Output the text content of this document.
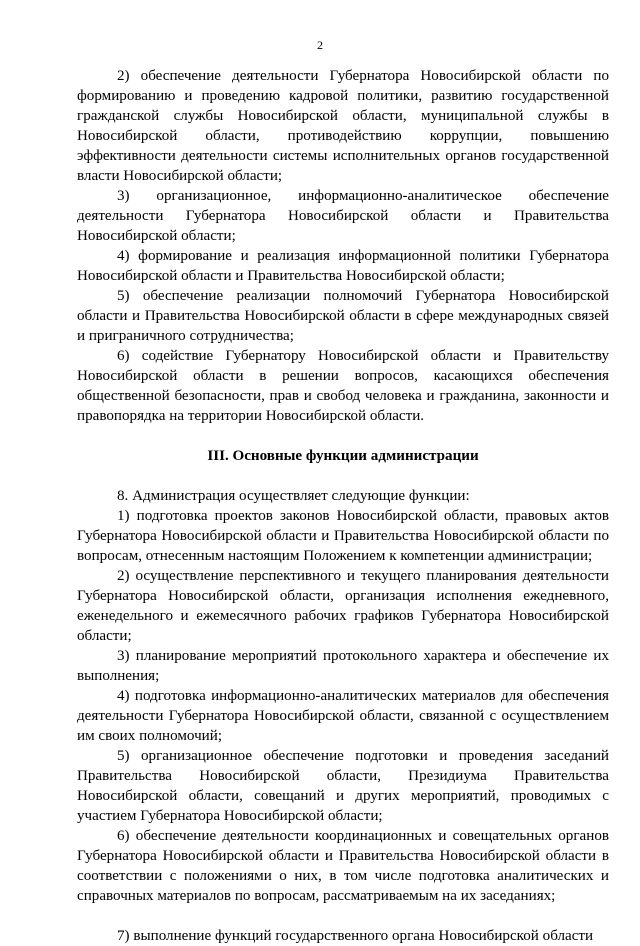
2

2) обеспечение деятельности Губернатора Новосибирской области по формированию и проведению кадровой политики, развитию государственной гражданской службы Новосибирской области, муниципальной службы в Новосибирской области, противодействию коррупции, повышению эффективности деятельности системы исполнительных органов государственной власти Новосибирской области;

3) организационное, информационно-аналитическое обеспечение деятельности Губернатора Новосибирской области и Правительства Новосибирской области;

4) формирование и реализация информационной политики Губернатора Новосибирской области и Правительства Новосибирской области;

5) обеспечение реализации полномочий Губернатора Новосибирской области и Правительства Новосибирской области в сфере международных связей и приграничного сотрудничества;

6) содействие Губернатору Новосибирской области и Правительству Новосибирской области в решении вопросов, касающихся обеспечения общественной безопасности, прав и свобод человека и гражданина, законности и правопорядка на территории Новосибирской области.

III. Основные функции администрации

8. Администрация осуществляет следующие функции:

1) подготовка проектов законов Новосибирской области, правовых актов Губернатора Новосибирской области и Правительства Новосибирской области по вопросам, отнесенным настоящим Положением к компетенции администрации;

2) осуществление перспективного и текущего планирования деятельности Губернатора Новосибирской области, организация исполнения ежедневного, еженедельного и ежемесячного рабочих графиков Губернатора Новосибирской области;

3) планирование мероприятий протокольного характера и обеспечение их выполнения;

4) подготовка информационно-аналитических материалов для обеспечения деятельности Губернатора Новосибирской области, связанной с осуществлением им своих полномочий;

5) организационное обеспечение подготовки и проведения заседаний Правительства Новосибирской области, Президиума Правительства Новосибирской области, совещаний и других мероприятий, проводимых с участием Губернатора Новосибирской области;

6) обеспечение деятельности координационных и совещательных органов Губернатора Новосибирской области и Правительства Новосибирской области в соответствии с положениями о них, в том числе подготовка аналитических и справочных материалов по вопросам, рассматриваемым на их заседаниях;

7) выполнение функций государственного органа Новосибирской области
